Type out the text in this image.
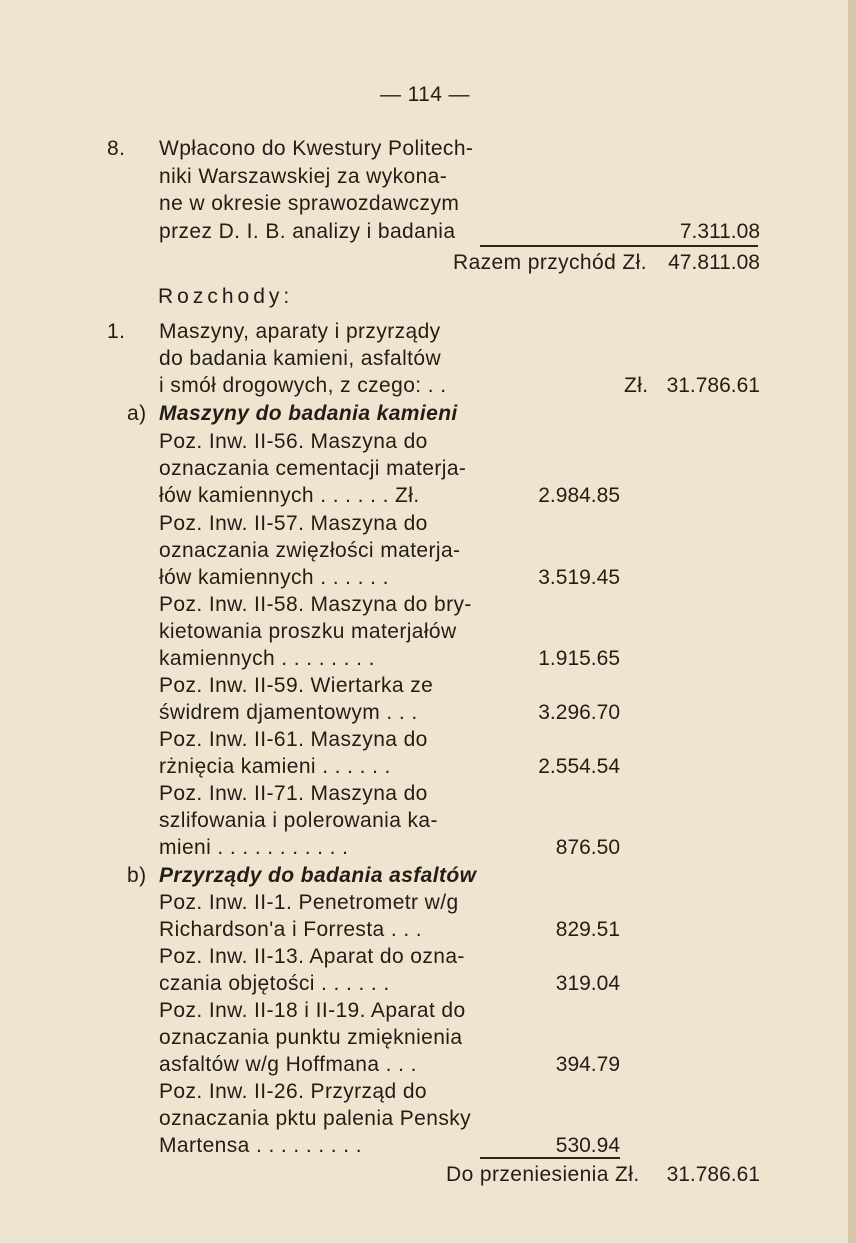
— 114 —
8. Wpłacono do Kwestury Politech-
niki Warszawskiej za wykona-
ne w okresie sprawozdawczym
przez D. I. B. analizy i badania	7.311.08
Razem przychód Zł. 47.811.08
Rozchody:
1. Maszyny, aparaty i przyrządy
do badania kamieni, asfaltów
i smół drogowych, z czego: . .	Zł. 31.786.61
a) Maszyny do badania kamieni
Poz. Inw. II-56. Maszyna do
oznaczania cementacji materja-
łów kamiennych . . . . . . Zł.	2.984.85
Poz. Inw. II-57. Maszyna do
oznaczania zwięzłości materja-
łów kamiennych . . . . . .	3.519.45
Poz. Inw. II-58. Maszyna do bry-
kietowania proszku materjałów
kamiennych . . . . . . . .	1.915.65
Poz. Inw. II-59. Wiertarka ze
świdrem djamentowym . . .	3.296.70
Poz. Inw. II-61. Maszyna do
rżnięcia kamieni . . . . . .	2.554.54
Poz. Inw. II-71. Maszyna do
szlifowania i polerowania ka-
mieni . . . . . . . . . . .	876.50
b) Przyrządy do badania asfaltów
Poz. Inw. II-1. Penetrometr w/g
Richardson'a i Forresta . . .	829.51
Poz. Inw. II-13. Aparat do ozna-
czania objętości . . . . . .	319.04
Poz. Inw. II-18 i II-19. Aparat do
oznaczania punktu zmięknienia
asfaltów w/g Hoffmana . . .	394.79
Poz. Inw. II-26. Przyrząd do
oznaczania pktu palenia Pensky
Martensa . . . . . . . . .	530.94
Do przeniesienia Zł. 31.786.61
